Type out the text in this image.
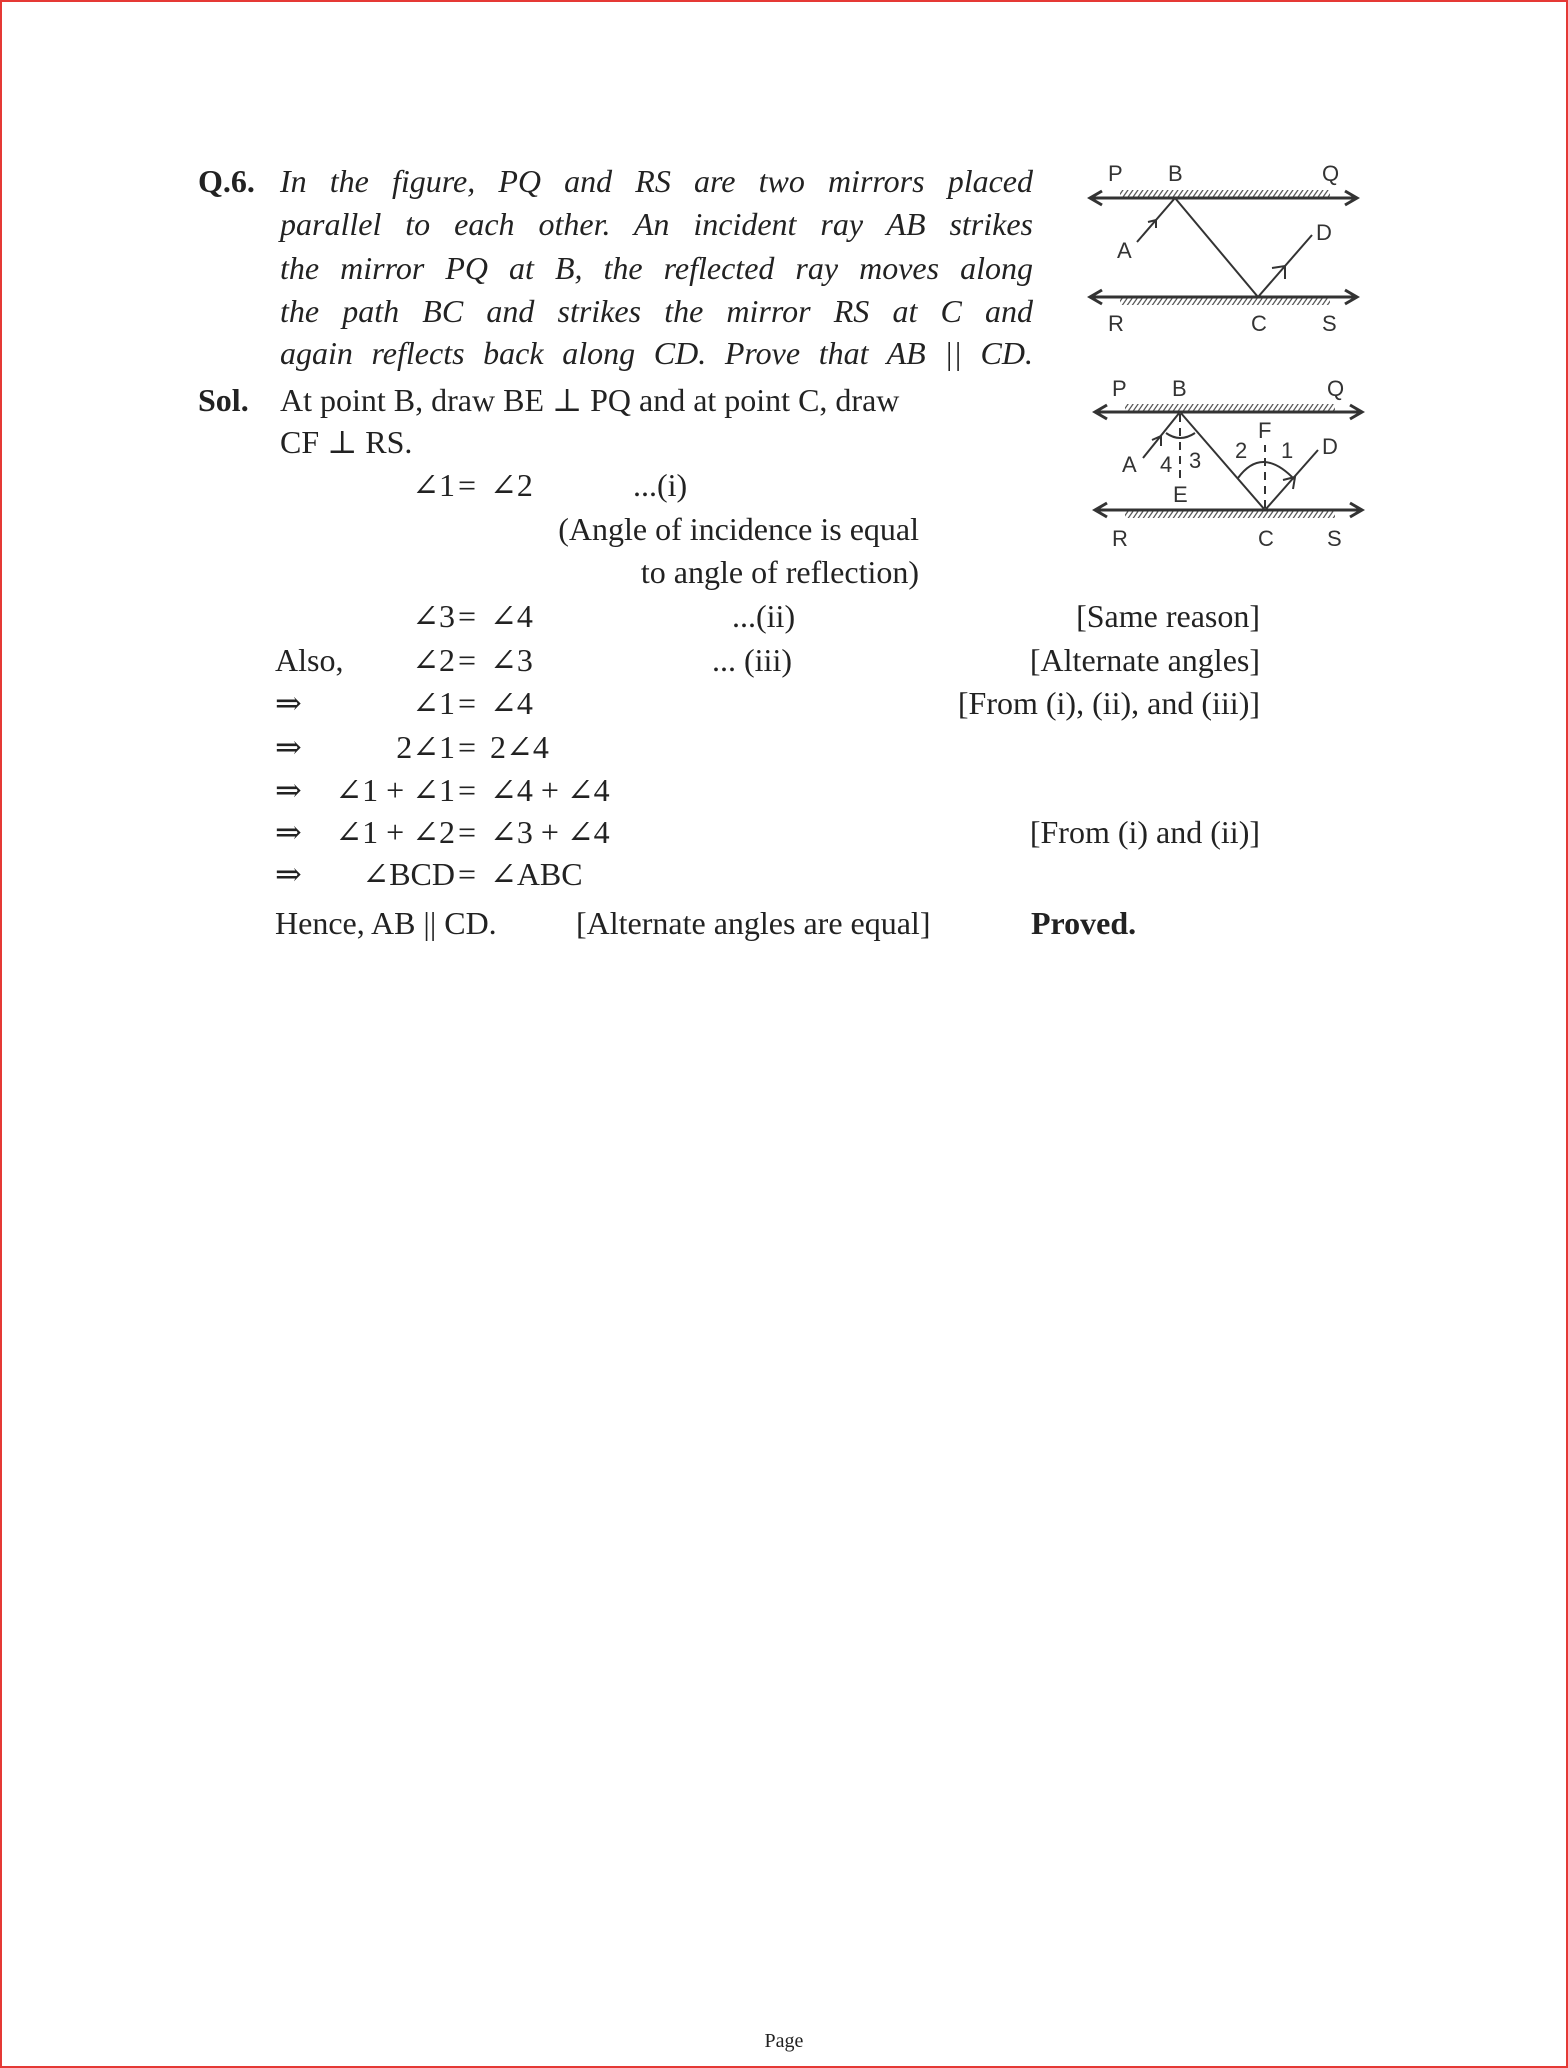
Q.6. In the figure, PQ and RS are two mirrors placed
parallel to each other. An incident ray AB strikes
the mirror PQ at B, the reflected ray moves along
the path BC and strikes the mirror RS at C and
again reflects back along CD. Prove that AB || CD.
Sol. At point B, draw BE ⊥ PQ and at point C, draw
CF ⊥ RS.
∠1 = ∠2	...(i)
(Angle of incidence is equal
to angle of reflection)
∠3 = ∠4	...(ii)	[Same reason]
Also,	∠2 = ∠3	... (iii)	[Alternate angles]
⇒	∠1 = ∠4	[From (i), (ii), and (iii)]
⇒	2∠1 = 2∠4
⇒	∠1 + ∠1 = ∠4 + ∠4
⇒	∠1 + ∠2 = ∠3 + ∠4	[From (i) and (ii)]
⇒	∠BCD = ∠ABC
Hence, AB || CD. [Alternate angles are equal]	Proved.
P B	Q
A
D
R	C	S
P B	Q
F
A 4 3 2 1 D
E
R	C S
Page
